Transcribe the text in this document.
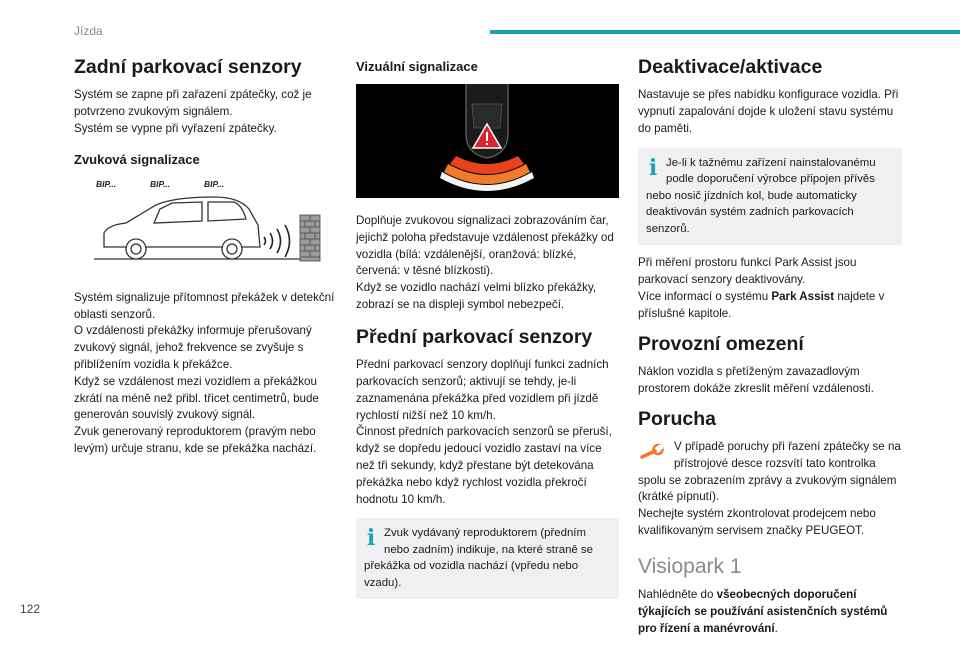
Jízda
Zadní parkovací senzory

Systém se zapne při zařazení zpátečky, což je potvrzeno zvukovým signálem.
Systém se vypne při vyřazení zpátečky.

Zvuková signalizace
BIP...	BIP...	BIP...

Systém signalizuje přítomnost překážek v detekční oblasti senzorů.
O vzdálenosti překážky informuje přerušovaný zvukový signál, jehož frekvence se zvyšuje s přiblížením vozidla k překážce.
Když se vzdálenost mezi vozidlem a překážkou zkrátí na méně než přibl. třicet centimetrů, bude generován souvislý zvukový signál.
Zvuk generovaný reproduktorem (pravým nebo levým) určuje stranu, kde se překážka nachází.

Vizuální signalizace

Doplňuje zvukovou signalizaci zobrazováním čar, jejichž poloha představuje vzdálenost překážky od vozidla (bílá: vzdálenější, oranžová: blízké, červená: v těsné blízkosti).
Když se vozidlo nachází velmi blízko překážky, zobrazí se na displeji symbol nebezpečí.

Přední parkovací senzory

Přední parkovací senzory doplňují funkci zadních parkovacích senzorů; aktivují se tehdy, je-li zaznamenána překážka před vozidlem při jízdě rychlostí nižší než 10 km/h.
Činnost předních parkovacích senzorů se přeruší, když se dopředu jedoucí vozidlo zastaví na více než tři sekundy, když přestane být detekována překážka nebo když rychlost vozidla překročí hodnotu 10 km/h.

i Zvuk vydávaný reproduktorem (předním nebo zadním) indikuje, na které straně se překážka od vozidla nachází (vpředu nebo vzadu).
Deaktivace/aktivace

Nastavuje se přes nabídku konfigurace vozidla. Při vypnutí zapalování dojde k uložení stavu systému do paměti.

i Je-li k tažnému zařízení nainstalovanému podle doporučení výrobce připojen přívěs nebo nosič jízdních kol, bude automaticky deaktivován systém zadních parkovacích senzorů.

Při měření prostoru funkcí Park Assist jsou parkovací senzory deaktivovány.
Více informací o systému Park Assist najdete v příslušné kapitole.

Provozní omezení

Náklon vozidla s přetíženým zavazadlovým prostorem dokáže zkreslit měření vzdálenosti.

Porucha

V případě poruchy při řazení zpátečky se na přístrojové desce rozsvítí tato kontrolka spolu se zobrazením zprávy a zvukovým signálem (krátké pípnutí).
Nechejte systém zkontrolovat prodejcem nebo kvalifikovaným servisem značky PEUGEOT.

Visiopark 1

Nahlédněte do všeobecných doporučení týkajících se používání asistenčních systémů pro řízení a manévrování.

122
